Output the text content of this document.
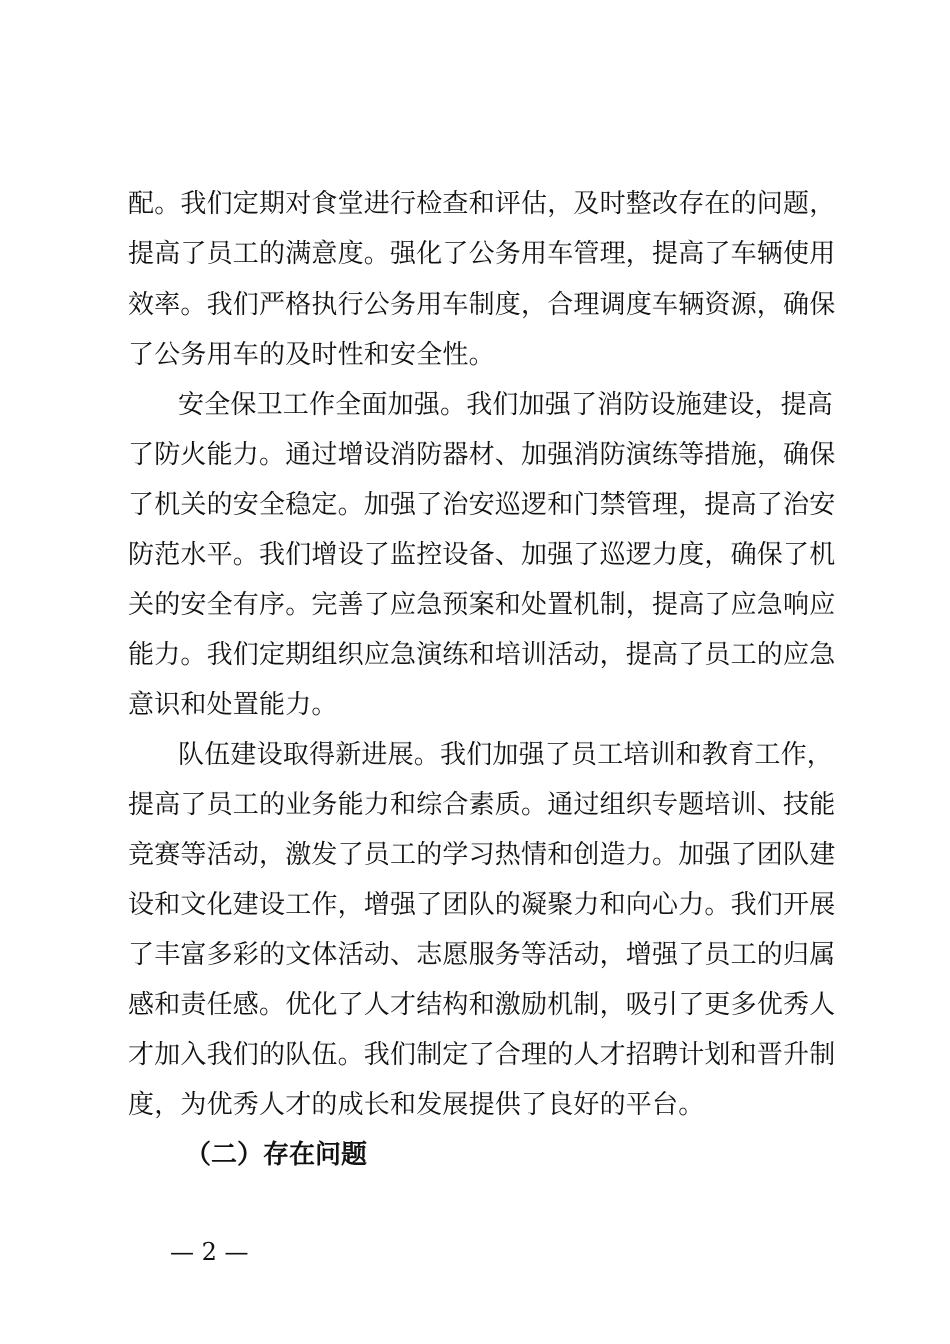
配。我们定期对食堂进行检查和评估，及时整改存在的问题，
提高了员工的满意度。强化了公务用车管理，提高了车辆使用
效率。我们严格执行公务用车制度，合理调度车辆资源，确保
了公务用车的及时性和安全性。
安全保卫工作全面加强。我们加强了消防设施建设，提高
了防火能力。通过增设消防器材、加强消防演练等措施，确保
了机关的安全稳定。加强了治安巡逻和门禁管理，提高了治安
防范水平。我们增设了监控设备、加强了巡逻力度，确保了机
关的安全有序。完善了应急预案和处置机制，提高了应急响应
能力。我们定期组织应急演练和培训活动，提高了员工的应急
意识和处置能力。
队伍建设取得新进展。我们加强了员工培训和教育工作，
提高了员工的业务能力和综合素质。通过组织专题培训、技能
竞赛等活动，激发了员工的学习热情和创造力。加强了团队建
设和文化建设工作，增强了团队的凝聚力和向心力。我们开展
了丰富多彩的文体活动、志愿服务等活动，增强了员工的归属
感和责任感。优化了人才结构和激励机制，吸引了更多优秀人
才加入我们的队伍。我们制定了合理的人才招聘计划和晋升制
度，为优秀人才的成长和发展提供了良好的平台。
（二）存在问题
— 2 —
